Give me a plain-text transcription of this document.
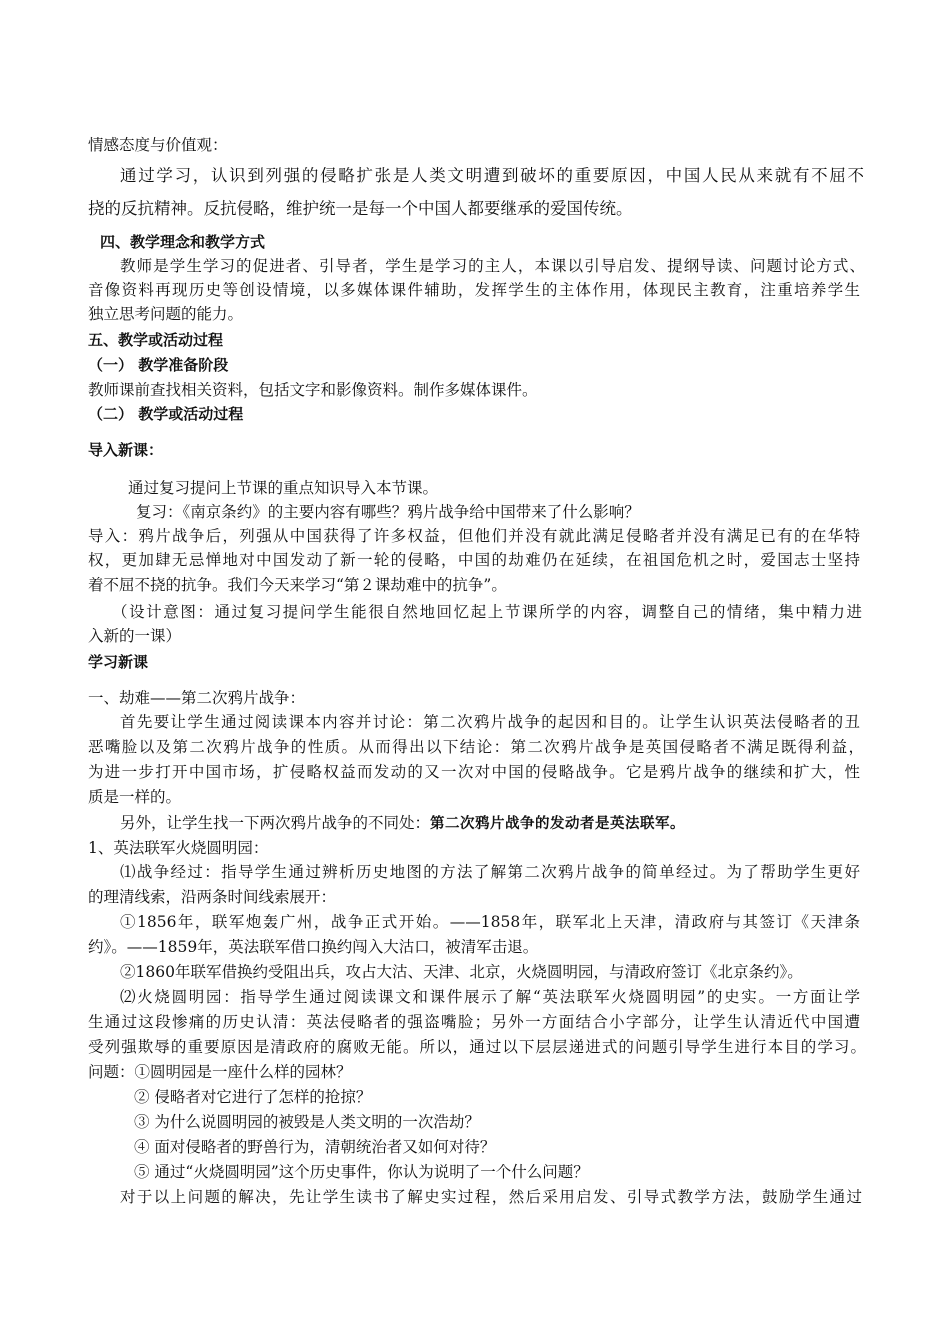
情感态度与价值观：
通过学习，认识到列强的侵略扩张是人类文明遭到破坏的重要原因，中国人民从来就有不屈不
挠的反抗精神。反抗侵略，维护统一是每一个中国人都要继承的爱国传统。
四、教学理念和教学方式
教师是学生学习的促进者、引导者，学生是学习的主人，本课以引导启发、提纲导读、问题讨论方式、
音像资料再现历史等创设情境，以多媒体课件辅助，发挥学生的主体作用，体现民主教育，注重培养学生
独立思考问题的能力。
五、教学或活动过程
（一） 教学准备阶段
教师课前查找相关资料，包括文字和影像资料。制作多媒体课件。
（二） 教学或活动过程
导入新课：
通过复习提问上节课的重点知识导入本节课。
复习：《南京条约》的主要内容有哪些？鸦片战争给中国带来了什么影响？
导入：鸦片战争后，列强从中国获得了许多权益，但他们并没有就此满足侵略者并没有满足已有的在华特
权，更加肆无忌惮地对中国发动了新一轮的侵略，中国的劫难仍在延续，在祖国危机之时，爱国志士坚持
着不屈不挠的抗争。我们今天来学习“第２课劫难中的抗争”。
（设计意图：通过复习提问学生能很自然地回忆起上节课所学的内容，调整自己的情绪，集中精力进
入新的一课）
学习新课
一、劫难——第二次鸦片战争：
首先要让学生通过阅读课本内容并讨论：第二次鸦片战争的起因和目的。让学生认识英法侵略者的丑
恶嘴脸以及第二次鸦片战争的性质。从而得出以下结论：第二次鸦片战争是英国侵略者不满足既得利益，
为进一步打开中国市场，扩侵略权益而发动的又一次对中国的侵略战争。它是鸦片战争的继续和扩大，性
质是一样的。
另外，让学生找一下两次鸦片战争的不同处：第二次鸦片战争的发动者是英法联军。
1、英法联军火烧圆明园：
⑴战争经过：指导学生通过辨析历史地图的方法了解第二次鸦片战争的简单经过。为了帮助学生更好
的理清线索，沿两条时间线索展开：
①1856年，联军炮轰广州，战争正式开始。——1858年，联军北上天津，清政府与其签订《天津条
约》。——1859年，英法联军借口换约闯入大沽口，被清军击退。
②1860年联军借换约受阻出兵，攻占大沽、天津、北京，火烧圆明园，与清政府签订《北京条约》。
⑵火烧圆明园：指导学生通过阅读课文和课件展示了解“英法联军火烧圆明园”的史实。一方面让学
生通过这段惨痛的历史认清：英法侵略者的强盗嘴脸；另外一方面结合小字部分，让学生认清近代中国遭
受列强欺辱的重要原因是清政府的腐败无能。所以，通过以下层层递进式的问题引导学生进行本目的学习。
问题：①圆明园是一座什么样的园林？
② 侵略者对它进行了怎样的抢掠？
③ 为什么说圆明园的被毁是人类文明的一次浩劫？
④ 面对侵略者的野兽行为，清朝统治者又如何对待？
⑤ 通过“火烧圆明园”这个历史事件，你认为说明了一个什么问题？
对于以上问题的解决，先让学生读书了解史实过程，然后采用启发、引导式教学方法，鼓励学生通过
